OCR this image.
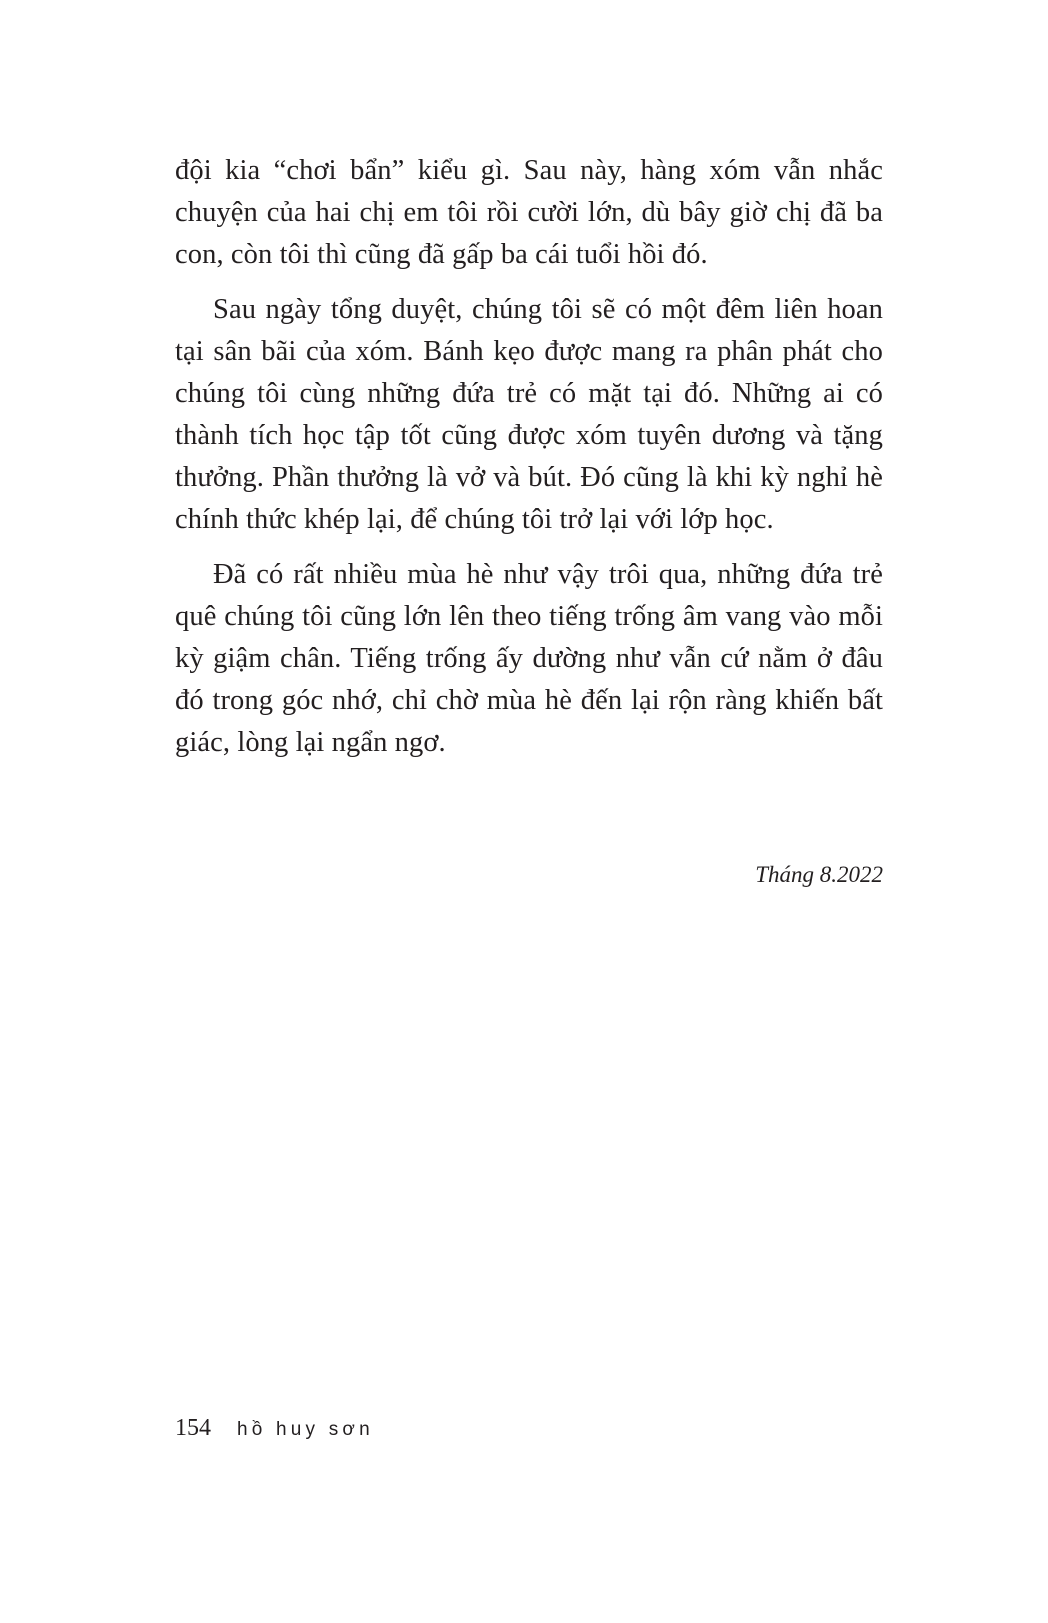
đội kia “chơi bẩn” kiểu gì. Sau này, hàng xóm vẫn nhắc chuyện của hai chị em tôi rồi cười lớn, dù bây giờ chị đã ba con, còn tôi thì cũng đã gấp ba cái tuổi hồi đó.

Sau ngày tổng duyệt, chúng tôi sẽ có một đêm liên hoan tại sân bãi của xóm. Bánh kẹo được mang ra phân phát cho chúng tôi cùng những đứa trẻ có mặt tại đó. Những ai có thành tích học tập tốt cũng được xóm tuyên dương và tặng thưởng. Phần thưởng là vở và bút. Đó cũng là khi kỳ nghỉ hè chính thức khép lại, để chúng tôi trở lại với lớp học.

Đã có rất nhiều mùa hè như vậy trôi qua, những đứa trẻ quê chúng tôi cũng lớn lên theo tiếng trống âm vang vào mỗi kỳ giậm chân. Tiếng trống ấy dường như vẫn cứ nằm ở đâu đó trong góc nhớ, chỉ chờ mùa hè đến lại rộn ràng khiến bất giác, lòng lại ngẩn ngơ.

Tháng 8.2022
154 hồ huy sơn
